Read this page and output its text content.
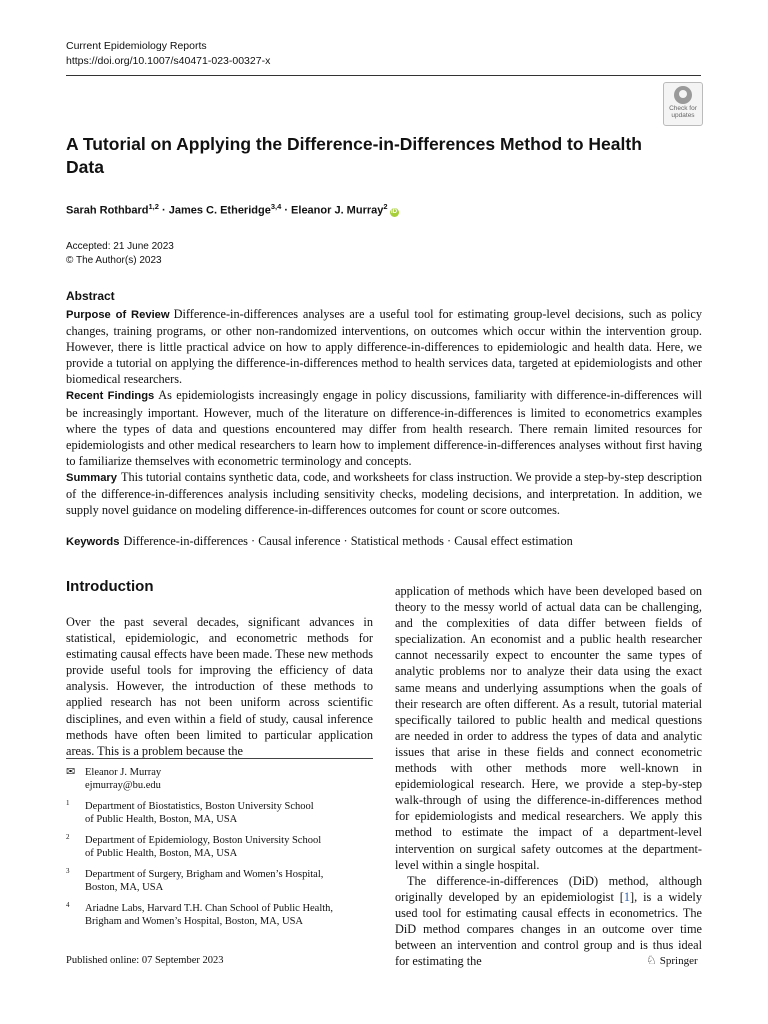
Current Epidemiology Reports
https://doi.org/10.1007/s40471-023-00327-x
Check for
updates
A Tutorial on Applying the Difference-in-Differences Method to Health Data
Sarah Rothbard$^{1,2}$ · James C. Etheridge$^{3,4}$ · Eleanor J. Murray$^2$iD
Accepted: 21 June 2023
© The Author(s) 2023
Abstract

Purpose of Review Difference-in-differences analyses are a useful tool for estimating group-level decisions, such as policy changes, training programs, or other non-randomized interventions, on outcomes which occur within the intervention group. However, there is little practical advice on how to apply difference-in-differences to epidemiologic and health data. Here, we provide a tutorial on applying the difference-in-differences method to health services data, targeted at epidemiologists and other biomedical researchers.

Recent Findings As epidemiologists increasingly engage in policy discussions, familiarity with difference-in-differences will be increasingly important. However, much of the literature on difference-in-differences is limited to econometrics examples where the types of data and questions encountered may differ from health research. There remain limited resources for epidemiologists and other medical researchers to learn how to implement difference-in-differences analyses without first having to familiarize themselves with econometric terminology and concepts.

Summary This tutorial contains synthetic data, code, and worksheets for class instruction. We provide a step-by-step description of the difference-in-differences analysis including sensitivity checks, modeling decisions, and interpretation. In addition, we supply novel guidance on modeling difference-in-differences outcomes for count or score outcomes.

Keywords Difference-in-differences · Causal inference · Statistical methods · Causal effect estimation
Introduction

Over the past several decades, significant advances in statistical, epidemiologic, and econometric methods for estimating causal effects have been made. These new methods provide useful tools for improving the efficiency of data analysis. However, the introduction of these methods to applied research has not been uniform across scientific disciplines, and even within a field of study, causal inference methods have often been limited to particular application areas. This is a problem because the

application of methods which have been developed based on theory to the messy world of actual data can be challenging, and the complexities of data differ between fields of specialization. An economist and a public health researcher cannot necessarily expect to encounter the same types of analytic problems nor to analyze their data using the exact same means and underlying assumptions when the goals of their research are often different. As a result, tutorial material specifically tailored to public health and medical questions are needed in order to address the types of data and analytic issues that arise in these fields and connect econometric methods with other methods more well-known in epidemiological research. Here, we provide a step-by-step walk-through of using the difference-in-differences method for epidemiologists and medical researchers. We apply this method to estimate the impact of a department-level intervention on surgical safety outcomes at the department-level within a single hospital.

The difference-in-differences (DiD) method, although originally developed by an epidemiologist [1], is a widely used tool for estimating causal effects in econometrics. The DiD method compares changes in an outcome over time between an intervention and control group and is thus ideal for estimating the

✉ Eleanor J. Murray
ejmurray@bu.edu
1 Department of Biostatistics, Boston University School
of Public Health, Boston, MA, USA
2 Department of Epidemiology, Boston University School
of Public Health, Boston, MA, USA
3 Department of Surgery, Brigham and Women’s Hospital,
Boston, MA, USA
4 Ariadne Labs, Harvard T.H. Chan School of Public Health,
Brigham and Women’s Hospital, Boston, MA, USA
Published online: 07 September 2023	♘ Springer
